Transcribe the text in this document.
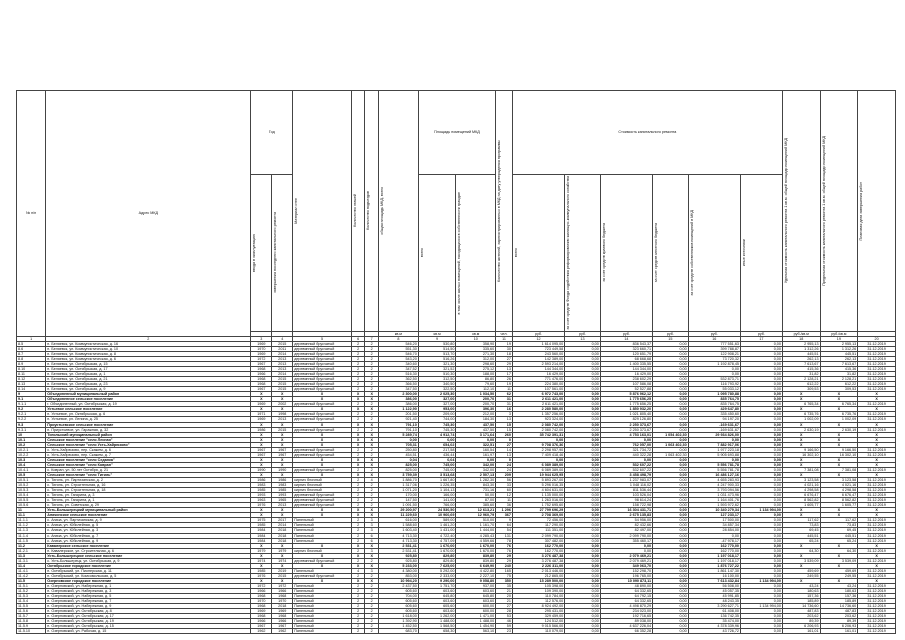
№ п/п	Адрес МКД	Год		Материал стен	Количество этажей	Количество подъездов	общая площадь МКД, всего	Площадь помещений МКД		Количество жителей, зарегистрированных в МКД на дату утверждения программы	Стоимость капитального ремонта						Удельная стоимость капитального ремонта 1 кв.м. общей площади помещений МКД	Предельная стоимость капитального ремонта 1 кв.м. общей площади помещений МКД	Плановая дата завершения работ

		ввода в эксплуатацию	завершения последнего капитального ремонта					всего	в том числе жилых помещений, находящихся в собственности граждан		всего	за счет средств Фонда содействия реформированию жилищно-коммунального хозяйства	за счет средств краевого бюджета	за счет средств местного бюджета	за счет средств собственников помещений в МКД	иные источники			

							кв.м	кв.м	кв.м	чел.	руб.	руб.	руб.	руб.	руб.	руб.	руб./кв.м	руб./кв.м	
1	2	3	4	5	6	7	8	9	10	11	12	13	14	15	16	17	18	19	20
8.5	п. Беляевск, ул. Коммунистическая, д. 16	1969	2015	деревянный брусчатый	2	2	546,20	530,80	358,90	19	1 614 095,00	0,00	836 543,37	0,00	777 551,63	0,00	2 955,13	2 955,13	31.12.2019
8.6	п. Беляевск, ул. Коммунистическая, д. 10	1970	2011	деревянный брусчатый	2	2	551,30	514,50	335,60	30	723 449,58	0,00	323 660,71	0,00	399 788,87	0,00	1 312,26	1 312,26	31.12.2019
8.7	п. Беляевск, ул. Коммунистическая, д. 8	1969	2014	деревянный брусчатый	2	2	546,70	513,70	271,30	18	243 560,00	0,00	120 651,79	0,00	122 908,21	0,00	445,51	445,51	31.12.2019
8.8	п. Беляевск, ул. Коммунистическая, д. 6	1972	2013	деревянный брусчатый	2	2	543,20	516,26	312,00	27	142 389,00	0,00	68 668,68	0,00	73 720,32	0,00	262,13	262,13	31.12.2019
8.9	п. Беляевск, ул. Октябрьская, д. 15	1967	2013	деревянный брусчатый	2	2	340,60	321,30	298,60	29	2 593 214,00	0,00	1 400 335,55	0,00	1 192 878,45	0,00	7 613,67	7 613,67	31.12.2019
8.10	п. Беляевск, ул. Октябрьская, д. 17	1968	2013	деревянный брусчатый	2	2	347,52	321,52	275,12	13	144 344,00	0,00	144 344,00	0,00	0,00	0,00	415,36	415,36	31.12.2019
8.11	п. Беляевск, ул. Октябрьская, д. 1	1966	2014	деревянный брусчатый	2	2	516,30	510,30	188,00	17	16 429,00	0,00	16 429,00	0,00	0,00	0,00	31,82	31,82	31.12.2019
8.12	п. Беляевск, ул. Октябрьская, д. 21	1968	2015	деревянный брусчатый	2	2	362,50	312,50	86,80	26	771 476,00	0,00	238 602,29	0,00	532 873,71	0,00	2 128,21	2 128,21	31.12.2019
8.13	п. Беляевск, ул. Октябрьская, д. 23	1968	2015	деревянный брусчатый	2	2	366,50	340,50	79,60	19	224 380,00	0,00	107 586,08	0,00	116 793,92	0,00	612,22	612,22	31.12.2019
8.14	п. Беляевск, ул. Октябрьская, д. 9	1967	2015	деревянный брусчатый	2	2	347,50	322,50	112,10	11	107 561,00	0,00	52 527,88	0,00	55 033,12	0,00	309,53	309,53	31.12.2019
9	Объединенный муниципальный район	Х	Х	Х	Х	Х	2 300,00	2 025,30	1 034,50	62	6 972 743,00	0,00	5 876 962,12	0,00	1 095 780,88	0,00	Х	Х	Х
9.1	Объединенное сельское поселение	Х	Х	Х	Х	Х	386,00	327,00	200,70	31	2 611 421,00	0,00	1 775 656,25	0,00	835 764,75	0,00	Х	Х	Х
9.1.1	г. Объединенный, ул. Октябрьская, д. 19	1969	2002	деревянный брусчатый	2	2	386,00	327,00	200,70	31	2 611 421,00	0,00	1 775 656,25	0,00	835 764,75	0,00	6 765,34	6 765,34	31.12.2019
9.2	Устьевое сельское поселение	Х	Х	Х	Х	Х	1 122,90	953,00	396,30	16	2 280 580,00	0,00	1 850 932,20	0,00	429 647,80	0,00	Х	Х	Х
9.2.1	п. Устьевое, ул. Октябрьская, д. 6	1971	1998	деревянный брусчатый	2	2	201,50	209,00	212,00	3	1 357 256,00	0,00	1 021 805,40	0,00	335 450,60	0,00	6 735,76	6 735,76	31.12.2019
9.2.2	п. Устьевое, ул. Ленина, д. 25	1969	2013	деревянный брусчатый	2	2	921,40	744,00	184,30	13	923 324,00	0,00	829 126,80	0,00	94 197,20	0,00	1 002,09	1 002,09	31.12.2019
9.3	Приустьевское сельское поселение	Х	Х	Х	Х	Х	791,10	745,30	437,50	15	2 080 742,00	0,00	2 250 373,67	0,00	-169 631,67	0,00	Х	Х	Х
9.3.1	п. Приустьевое, ул. Гаражная, д. 32	1986	2015	деревянный брусчатый	2	2	791,10	745,30	437,50	15	2 080 742,00	0,00	2 250 373,67	0,00	-169 631,67	0,00	2 630,19	2 630,19	31.12.2019
10	Тигильский муниципальный район	Х	Х	Х	Х	Х	5 289,74	4 912,74	3 171,64	260	35 742 391,31	0,00	4 753 163,01	1 054 402,30	29 934 826,00	0,00	Х	Х	Х
10.1	Сельское поселение "село Лесная"	Х	Х	Х	Х	Х	0,00	0,00	0,00	0	0,00	0,00	0,00	0,00	0,00	0,00	Х	Х	Х
10.2	Сельское поселение "село Усть-Хайрюзово"	Х	Х	Х	Х	Х	705,31	654,02	322,51	27	9 708 376,36	0,00	762 057,00	1 063 402,30	7 882 917,06	0,00	Х	Х	Х
10.2.1	с. Усть-Хайрюзово, пер. Скажем, д. 6	1967	1967	деревянный брусчатый	2	2	250,80	217,58	160,54	14	2 298 957,90	0,00	321 734,72	0,00	1 977 223,18	0,00	9 166,50	9 166,50	31.12.2019
10.2.2	с. Усть-Хайрюзово, пер. Скажем, д. 7	1967	1967	деревянный брусчатый	2	2	454,51	436,44	161,97	13	7 409 418,46	0,00	440 322,28	1 063 402,30	5 905 693,88	0,00	16 302,10	16 302,10	31.12.2019
10.3	Сельское поселение "село Седанка"	Х	Х	Х	Х	Х	0,04	0,04	0,00	0	0,00	0,00	0,00	0,00	0,00	0,00	Х	Х	Х
10.4	Сельское поселение "село Ковран"	Х	Х	Х	Х	Х	825,00	745,00	342,00	24	6 089 389,00	0,00	532 607,22	0,00	5 556 781,78	0,00	Х	Х	Х
10.4.1	с. Ковран, ул. 50 лет Октября, д. 21	1990	1990	деревянный брусчатый	2	2	825,00	745,00	342,00	24	6 089 389,00	0,00	532 607,22	0,00	5 556 781,78	0,00	7 381,08	7 381,08	31.12.2019
10.5	Сельское поселение "село Тигиль"	Х	Х	Х	Х	Х	3 759,39	3 513,68	2 507,13	209	19 944 625,95	0,00	3 458 498,79	0,00	16 486 127,16	0,00	Х	Х	Х
10.5.1	с. Тигиль, ул. Партизанская, д. 2	1986	1986	кирпич блочный	2	4	1 886,70	1 667,80	1 282,30	56	5 893 267,00	0,00	1 237 983,07	0,00	4 655 283,93	0,00	3 123,58	3 123,58	31.12.2019
10.5.2	с. Тигиль, ул. Строительная, д. 16	1983	1983	кирпич блочный	2	2	1 317,06	1 226,35	843,30	33	5 296 016,35	0,00	1 048 116,02	0,00	4 247 900,33	0,00	4 021,16	4 021,16	31.12.2019
10.5.3	с. Тигиль, ул. Строительная, д. 18	1985	1985	кирпич блочный	2	2	1 071,20	1 104,13	731,16	60	4 604 631,00	0,00	811 536,44	0,00	3 793 094,56	0,00	4 298,58	4 298,58	31.12.2019
10.5.4	с. Тигиль, ул. Гагарина, д. 3	1993	1993	деревянный брусчатый	2	2	170,00	166,00	50,00	12	1 135 000,00	0,00	103 526,04	0,00	1 031 473,96	0,00	6 676,47	6 676,47	31.12.2019
10.5.5	с. Тигиль, ул. Гагарина, д. 1	1963	1965	деревянный брусчатый	2	2	147,50	141,00	87,00	11	1 263 016,00	0,00	98 614,24	0,00	1 164 401,76	0,00	8 562,82	8 562,82	31.12.2019
10.5.6	с. Тигиль, ул. Советская, д. 29	1976	2013	деревянный брусчатый	2	2	1 091,50	766,00	385,60	36	1 752 695,60	0,00	158 722,98	0,00	1 593 972,62	0,00	1 605,77	1 605,77	31.12.2019
11	Усть-Большерецкий муниципальный район	Х	Х	Х	Х	Х	29 200,97	24 530,50	12 613,21	1 296	27 799 696,29	0,00	16 304 431,71	0,00	10 340 279,34	1 134 994,00	Х	Х	Х
11.1	Апачинское сельское поселение	Х	Х	Х	Х	Х	11 229,60	10 960,69	12 960,79	367	2 708 369,00	0,00	2 675 135,83	0,00	127 233,17	0,00	Х	Х	Х
11.1.1	с. Апача, ул. Партизанская, д. 9	1975	2017	Панельный	2	3	616,00	589,00	510,00	9	72 456,00	0,00	54 956,00	0,00	17 500,00	0,00	117,62	117,62	31.12.2019
11.1.2	с. Апача, ул. Юбилейная, д. 5	1985	2014	Панельный	2	3	1 588,60	1 461,20	1 161,70	64	117 290,00	0,00	82 432,66	0,00	34 857,34	0,00	73,83	73,83	31.12.2019
11.1.3	с. Апача, ул. Юбилейная, д. 3	1984	2018	Панельный	2	3	1 603,40	1 431,00	1 444,00	54	111 351,00	0,00	82 497,00	0,00	28 854,00	0,00	69,45	69,45	31.12.2019
11.1.4	с. Апача, ул. Юбилейная, д. 7	1984	2018	Панельный	2	6	4 713,30	4 722,40	4 285,43	131	2 099 790,00	0,00	2 099 790,00	0,00	0,00	0,00	445,51	445,51	31.12.2019
11.1.5	с. Апача, ул. Юбилейная, д. 9	1984	2018	Панельный	2	6	4 713,30	4 757,09	4 559,66	78	307 482,00	0,00	355 460,17	0,00	-47 978,17	0,00	65,24	65,24	31.12.2019
11.2	Кавалерское сельское поселение	Х	Х	Х	Х	Х	2 531,41	1 670,00	1 670,00	76	162 770,00	0,00	0,00	0,00	162 770,00	0,00	Х	Х	Х
11.2.1	п. Кавалерское, ул. Строительная, д. 6	1979	1979	кирпич блочный	2	3	2 531,41	1 670,00	1 670,00	76	162 770,00	0,00	0,00	0,00	162 770,00	0,00	64,30	64,30	31.12.2019
11.3	Усть-Большерецкое сельское поселение	Х	Х	Х	Х	Х	925,80	829,80	839,80	29	3 276 487,38	0,00	2 079 469,21	0,00	1 197 018,17	0,00	Х	Х	Х
11.3.1	с. Усть-Большерецк, ул. Октябрьская, д. 9	1974	1974	деревянный брусчатый	2	2	925,80	829,80	839,80	29	3 276 487,38	0,00	2 079 469,21	0,00	1 197 018,17	0,00	3 539,09	3 539,09	31.12.2019
11.4	Октябрьское городское поселение	Х	Х	Х	Х	Х	5 233,00	7 625,00	6 649,90	240	2 226 311,00	0,00	349 063,70	0,00	1 876 727,22	0,00	Х	Х	Х
11.4.1	п. Октябрьский, ул. Пионерская, д. 11	1985	2019	Панельный	4	3	4 380,00	5 292,00	4 422,80	165	2 013 446,00	0,00	152 298,70	0,00	1 861 147,30	0,00	459,69	459,69	31.12.2019
11.4.2	п. Октябрьский, ул. Комсомольская, д. 5	1976	2015	деревянный брусчатый	2	2	853,00	2 333,00	2 227,10	75	212 865,00	0,00	196 765,00	0,00	16 100,00	0,00	249,55	249,55	31.12.2019
11.5	Озерновское городское поселение	Х	Х	Х	Х	Х	10 994,20	9 290,00	9 058,80	350	15 289 500,00	0,00	10 090 873,11	0,00	7 613 432,84	1 134 994,00	Х	Х	Х
11.5.1	п. Озерновский, ул. Набережная, д. 1	1972	1972	Панельный	2	2	2 437,50	1 751,70	937,00	35	105 398,00	0,00	48 890,00	0,00	56 508,00	0,00	43,24	43,24	31.12.2019
11.5.2	п. Озерновский, ул. Набережная, д. 3	1966	1966	Панельный	2	2	605,60	603,60	603,60	21	109 390,00	0,00	64 332,65	0,00	45 057,35	0,00	180,63	180,63	31.12.2019
11.5.3	п. Озерновский, ул. Набережная, д. 5	1968	1968	Панельный	2	2	704,00	645,80	645,80	20	110 784,00	0,00	64 792,15	0,00	45 991,85	0,00	157,36	157,36	31.12.2019
11.5.4	п. Озерновский, ул. Набережная, д. 7	1970	1970	Панельный	2	2	605,60	603,60	603,60	21	112 576,00	0,00	64 332,65	0,00	48 243,35	0,00	185,89	185,89	31.12.2019
11.5.5	п. Озерновский, ул. Набережная, д. 9	1968	2018	Панельный	2	2	605,60	605,60	600,00	27	8 924 492,00	0,00	4 498 870,29	0,00	3 290 627,71	1 134 994,00	14 736,60	14 736,60	31.12.2019
11.5.6	п. Озерновский, ул. Октябрьская, д. 8	1969	1969	Панельный	2	2	605,60	603,60	600,00	28	295 431,00	0,00	234 023,00	0,00	61 408,00	0,00	487,83	487,83	31.12.2019
11.5.7	п. Озерновский, ул. Октябрьская, д. 17	1968	1968	Панельный	2	2	1 618,00	1 262,00	1 471,00	53	329 459,00	0,00	192 716,65	0,00	136 742,35	0,00	203,62	203,62	31.12.2019
11.5.8	п. Озерновский, ул. Октябрьская, д. 19	1966	1966	Панельный	2	2	1 392,90	1 488,00	1 488,00	46	124 512,00	0,00	89 038,00	0,00	35 474,00	0,00	89,39	89,39	31.12.2019
11.5.9	п. Озерновский, ул. Октябрьская, д. 15	1967	1967	Панельный	2	2	1 452,50	1 568,50	1 454,90	59	9 015 566,00	0,00	4 637 226,04	0,00	4 378 339,96	0,00	6 206,93	6 206,93	31.12.2019
11.5.10	п. Озерновский, ул. Рабочая, д. 15	1962	1962	Панельный	2	2	683,70	658,30	563,10	23	110 079,00	0,00	66 352,28	0,00	43 726,72	0,00	161,01	161,01	31.12.2019
